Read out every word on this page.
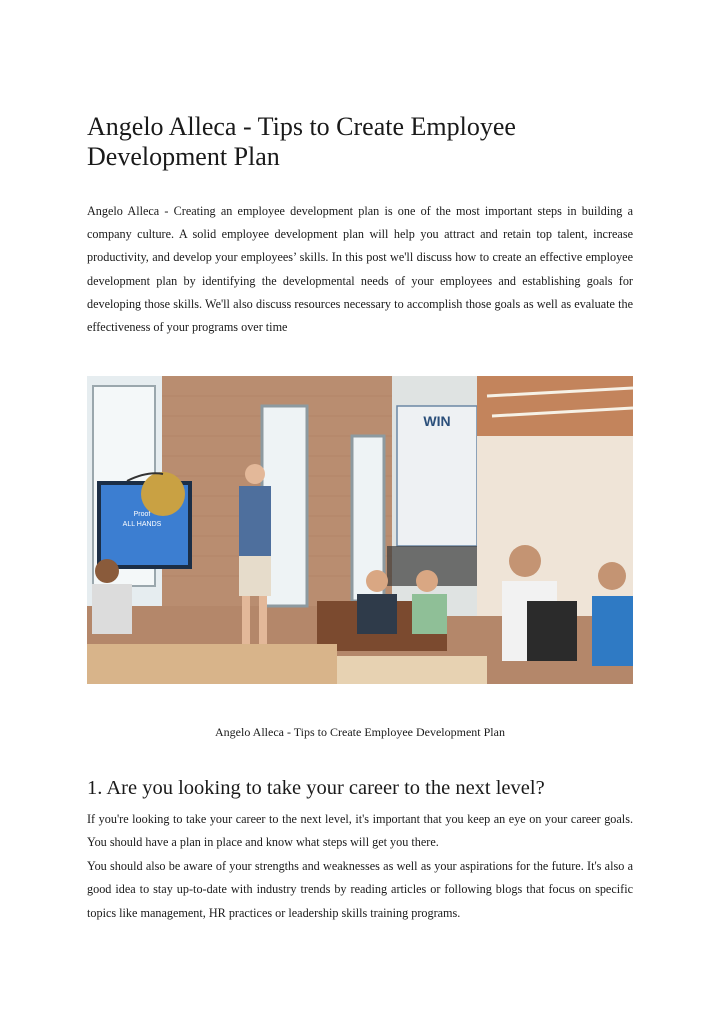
Angelo Alleca - Tips to Create Employee Development Plan

Angelo Alleca - Creating an employee development plan is one of the most important steps in building a company culture. A solid employee development plan will help you attract and retain top talent, increase productivity, and develop your employees’ skills. In this post we'll discuss how to create an effective employee development plan by identifying the developmental needs of your employees and establishing goals for developing those skills. We'll also discuss resources necessary to accomplish those goals as well as evaluate the effectiveness of your programs over time

Proof
ALL HANDS
WIN

Angelo Alleca - Tips to Create Employee Development Plan

1. Are you looking to take your career to the next level?
If you're looking to take your career to the next level, it's important that you keep an eye on your career goals. You should have a plan in place and know what steps will get you there.
You should also be aware of your strengths and weaknesses as well as your aspirations for the future. It's also a good idea to stay up-to-date with industry trends by reading articles or following blogs that focus on specific topics like management, HR practices or leadership skills training programs.
